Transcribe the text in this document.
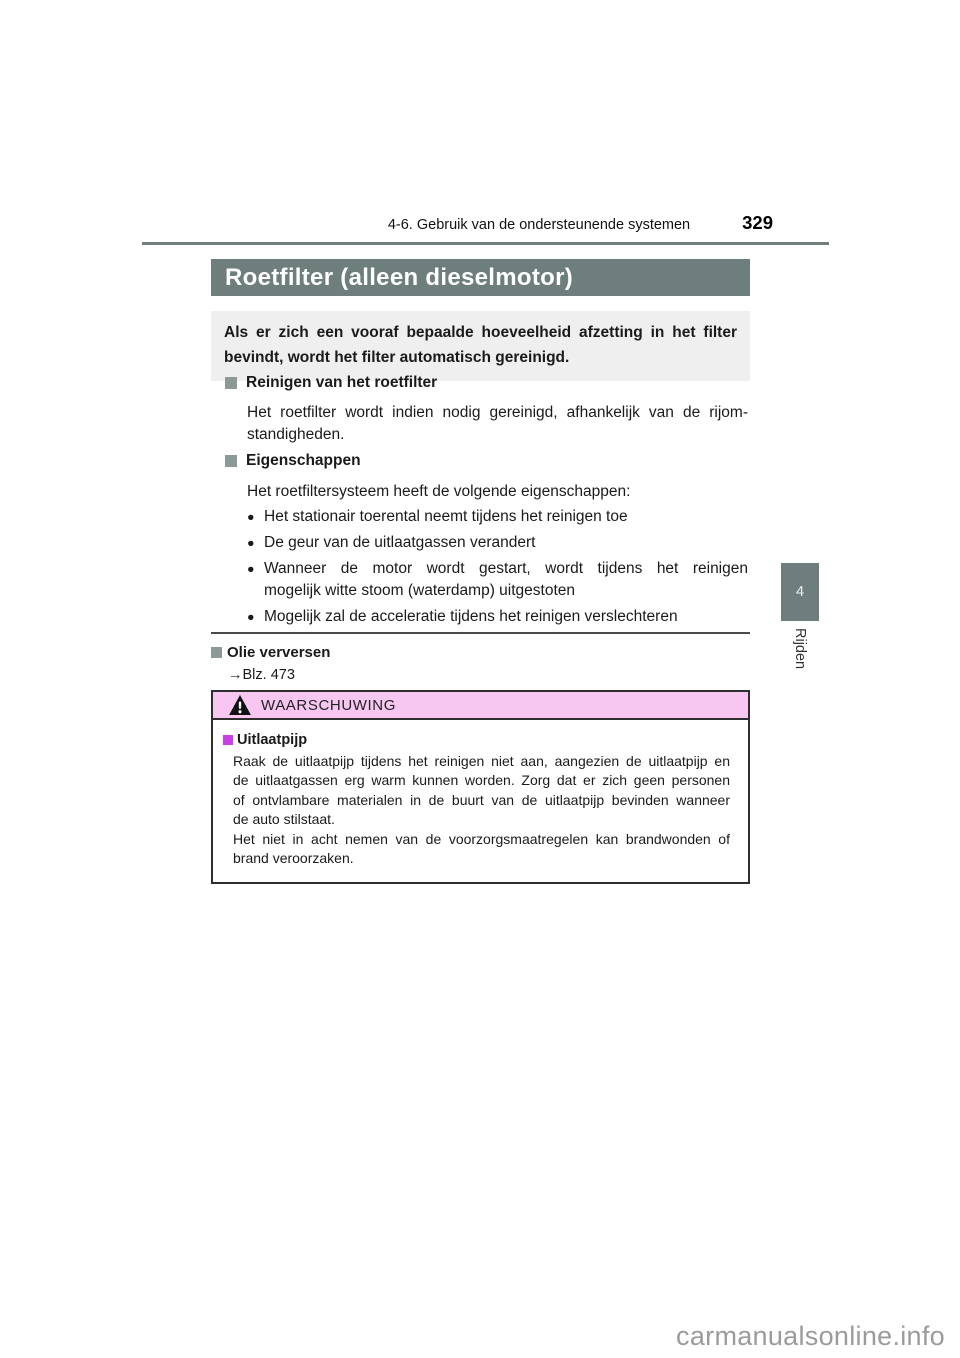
4-6. Gebruik van de ondersteunende systemen	329
Roetfilter (alleen dieselmotor)
Als er zich een vooraf bepaalde hoeveelheid afzetting in het filter
bevindt, wordt het filter automatisch gereinigd.
Reinigen van het roetfilter
Het roetfilter wordt indien nodig gereinigd, afhankelijk van de rijom-
standigheden.
Eigenschappen
Het roetfiltersysteem heeft de volgende eigenschappen:
● Het stationair toerental neemt tijdens het reinigen toe
● De geur van de uitlaatgassen verandert
● Wanneer de motor wordt gestart, wordt tijdens het reinigen
mogelijk witte stoom (waterdamp) uitgestoten
● Mogelijk zal de acceleratie tijdens het reinigen verslechteren
Olie verversen
→Blz. 473
WAARSCHUWING
Uitlaatpijp
Raak de uitlaatpijp tijdens het reinigen niet aan, aangezien de uitlaatpijp en
de uitlaatgassen erg warm kunnen worden. Zorg dat er zich geen personen
of ontvlambare materialen in de buurt van de uitlaatpijp bevinden wanneer
de auto stilstaat.
Het niet in acht nemen van de voorzorgsmaatregelen kan brandwonden of
brand veroorzaken.
4
Rijden
carmanualsonline.info
